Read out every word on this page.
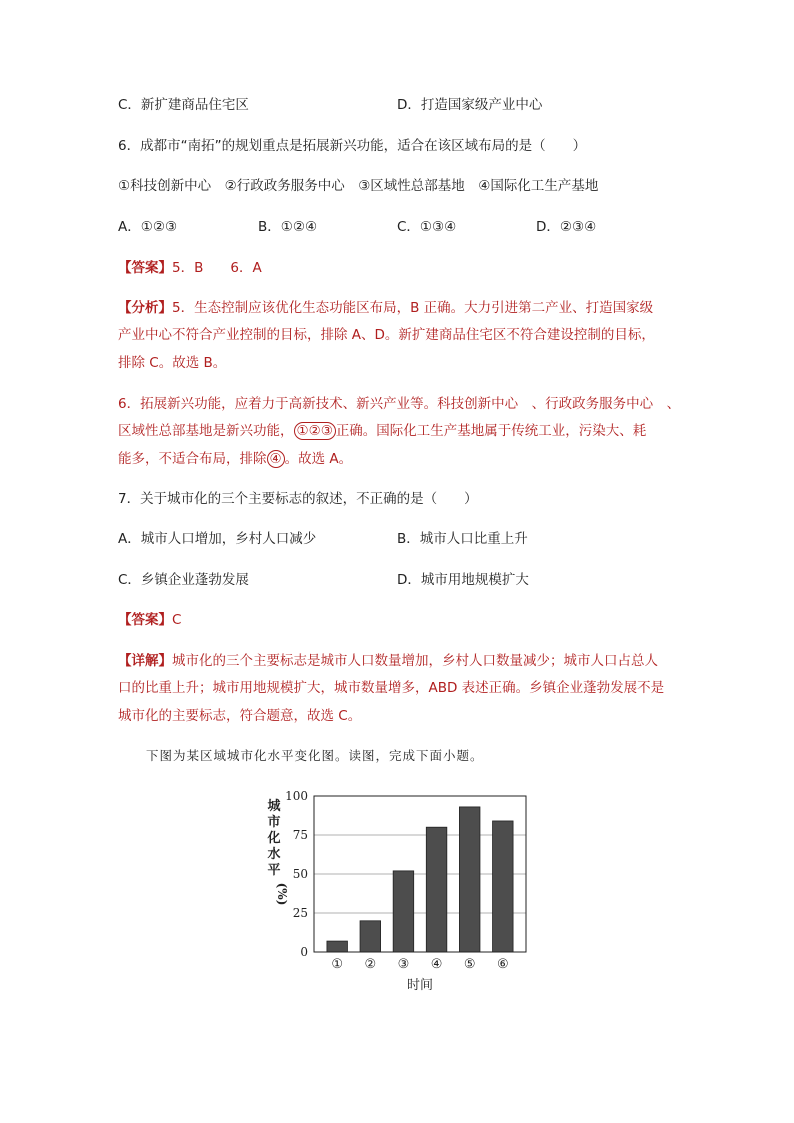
C．新扩建商品住宅区	D．打造国家级产业中心
6．成都市“南拓”的规划重点是拓展新兴功能，适合在该区域布局的是（　　）
①科技创新中心　②行政政务服务中心　③区域性总部基地　④国际化工生产基地
A．①②③	B．①②④	C．①③④	D．②③④
【答案】5．B　　6．A
【分析】5．生态控制应该优化生态功能区布局，B 正确。大力引进第二产业、打造国家级
产业中心不符合产业控制的目标，排除 A、D。新扩建商品住宅区不符合建设控制的目标，
排除 C。故选 B。
6．拓展新兴功能，应着力于高新技术、新兴产业等。科技创新中心　、行政政务服务中心　、
区域性总部基地是新兴功能， ①②③ 正确。国际化工生产基地属于传统工业，污染大、耗
能多，不适合布局，排除 ④ 。故选 A。
7．关于城市化的三个主要标志的叙述，不正确的是（　　）
A．城市人口增加，乡村人口减少	B．城市人口比重上升
C．乡镇企业蓬勃发展	D．城市用地规模扩大
【答案】C
【详解】城市化的三个主要标志是城市人口数量增加，乡村人口数量减少；城市人口占总人
口的比重上升；城市用地规模扩大，城市数量增多，ABD 表述正确。乡镇企业蓬勃发展不是
城市化的主要标志，符合题意，故选 C。
下图为某区域城市化水平变化图。读图，完成下面小题。
城
市
化
水
平
(%)
0
25
50
75
100
① ② ③ ④ ⑤ ⑥
时间
